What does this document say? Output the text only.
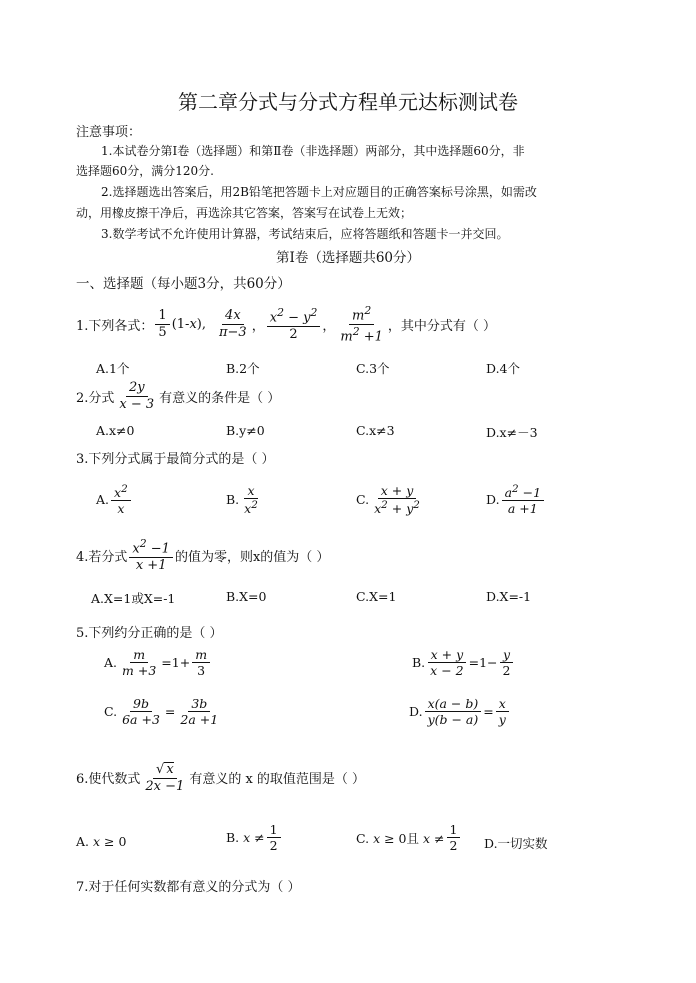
第二章分式与分式方程单元达标测试卷
注意事项：
1.本试卷分第Ⅰ卷（选择题）和第Ⅱ卷（非选择题）两部分，其中选择题60分，非
选择题60分，满分120分.
2.选择题选出答案后，用2B铅笔把答题卡上对应题目的正确答案标号涂黑，如需改
动，用橡皮擦干净后，再选涂其它答案，答案写在试卷上无效；
3.数学考试不允许使用计算器，考试结束后，应将答题纸和答题卡一并交回。
第Ⅰ卷（选择题共60分）
一、选择题（每小题3分，共60分）
1.下列各式： $\frac{1}{5} (1-x)$, $\frac{4x}{\pi-3}$ ， $\frac{x^2 - y^2}{2}$ ， $\frac{m^2}{m^2 +1}$ ，其中分式有（ ）
A.1个	B.2个	C.3个	D.4个
2.分式 $\frac{2y}{x - 3}$ 有意义的条件是（ ）
A.x≠0	B.y≠0	C.x≠3	D.x≠－3
3.下列分式属于最简分式的是（ ）
A. $\frac{x^2}{x}$	B. $\frac{x}{x^2}$	C. $\frac{x + y}{x^2 + y^2}$	D. $\frac{a^2 -1}{a +1}$
4.若分式 $\frac{x^2 -1}{x +1}$ 的值为零，则x的值为（ ）
A.X=1或X=-1	B.X=0	C.X=1	D.X=-1
5.下列约分正确的是（ ）
A. $\frac{m}{m +3} =1+ \frac{m}{3}$	B. $\frac{x + y}{x - 2} =1- \frac{y}{2}$
C. $\frac{9b}{6a +3} = \frac{3b}{2a +1}$	D. $\frac{x(a - b)}{y(b - a)} = \frac{x}{y}$
6.使代数式 $\frac{√ x}{2x -1}$ 有意义的 x 的取值范围是（ ）
A. x ≥ 0	B. $x \ne \frac{1}{2}$	C. x ≥ 0且 $x \ne \frac{1}{2} D$.一切实数
7.对于任何实数都有意义的分式为（ ）
